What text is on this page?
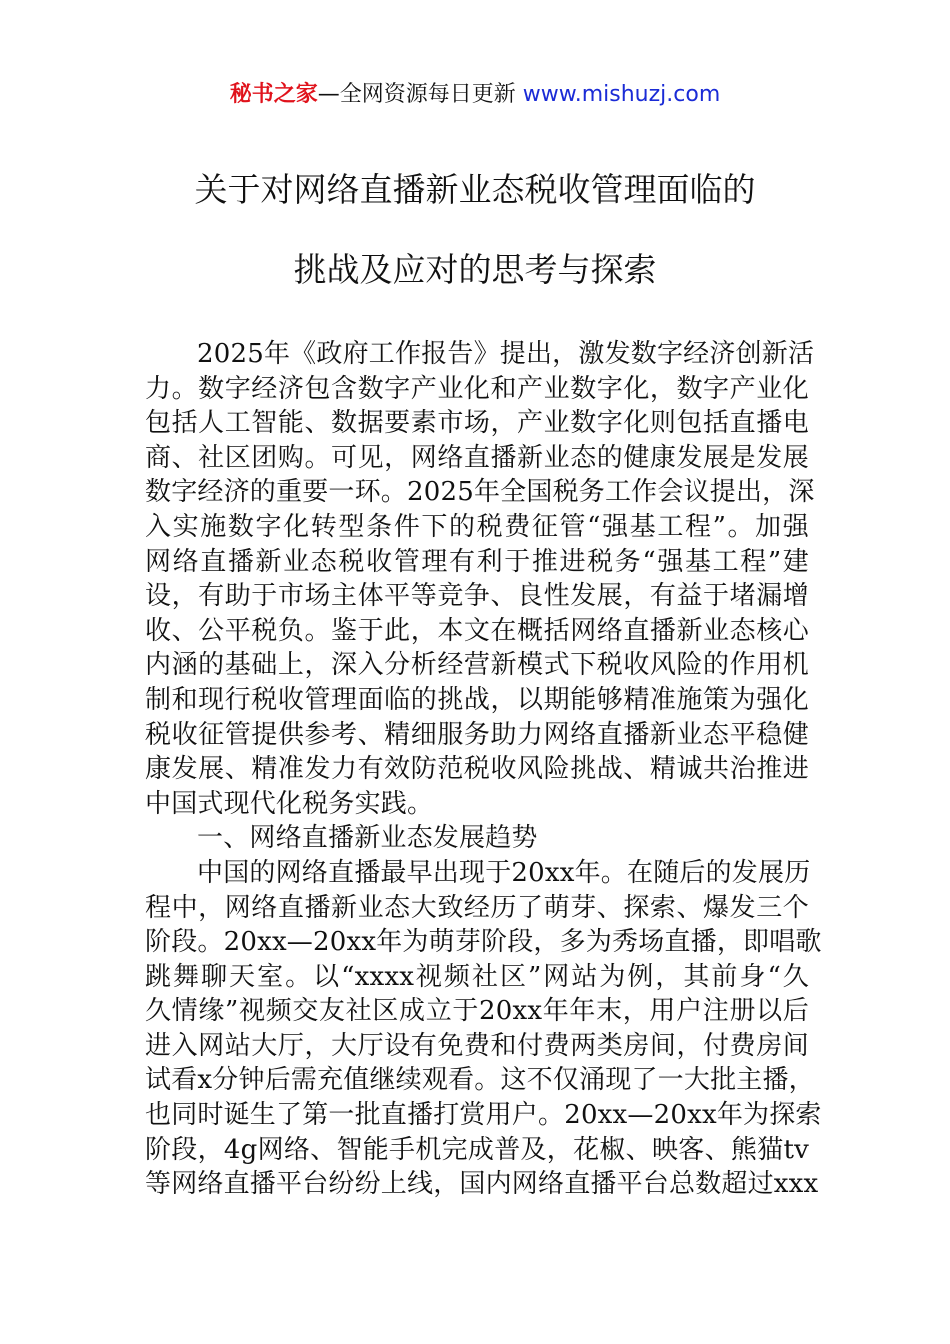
秘书之家—全网资源每日更新 www.mishuzj.com
关于对网络直播新业态税收管理面临的
挑战及应对的思考与探索
2025年《政府工作报告》提出，激发数字经济创新活
力。数字经济包含数字产业化和产业数字化，数字产业化
包括人工智能、数据要素市场，产业数字化则包括直播电
商、社区团购。可见，网络直播新业态的健康发展是发展
数字经济的重要一环。2025年全国税务工作会议提出，深
入实施数字化转型条件下的税费征管“强基工程”。加强
网络直播新业态税收管理有利于推进税务“强基工程”建
设，有助于市场主体平等竞争、良性发展，有益于堵漏增
收、公平税负。鉴于此，本文在概括网络直播新业态核心
内涵的基础上，深入分析经营新模式下税收风险的作用机
制和现行税收管理面临的挑战，以期能够精准施策为强化
税收征管提供参考、精细服务助力网络直播新业态平稳健
康发展、精准发力有效防范税收风险挑战、精诚共治推进
中国式现代化税务实践。
一、网络直播新业态发展趋势
中国的网络直播最早出现于20xx年。在随后的发展历
程中，网络直播新业态大致经历了萌芽、探索、爆发三个
阶段。20xx—20xx年为萌芽阶段，多为秀场直播，即唱歌
跳舞聊天室。以“xxxx视频社区”网站为例，其前身“久
久情缘”视频交友社区成立于20xx年年末，用户注册以后
进入网站大厅，大厅设有免费和付费两类房间，付费房间
试看x分钟后需充值继续观看。这不仅涌现了一大批主播，
也同时诞生了第一批直播打赏用户。20xx—20xx年为探索
阶段，4g网络、智能手机完成普及，花椒、映客、熊猫tv
等网络直播平台纷纷上线，国内网络直播平台总数超过xxx
